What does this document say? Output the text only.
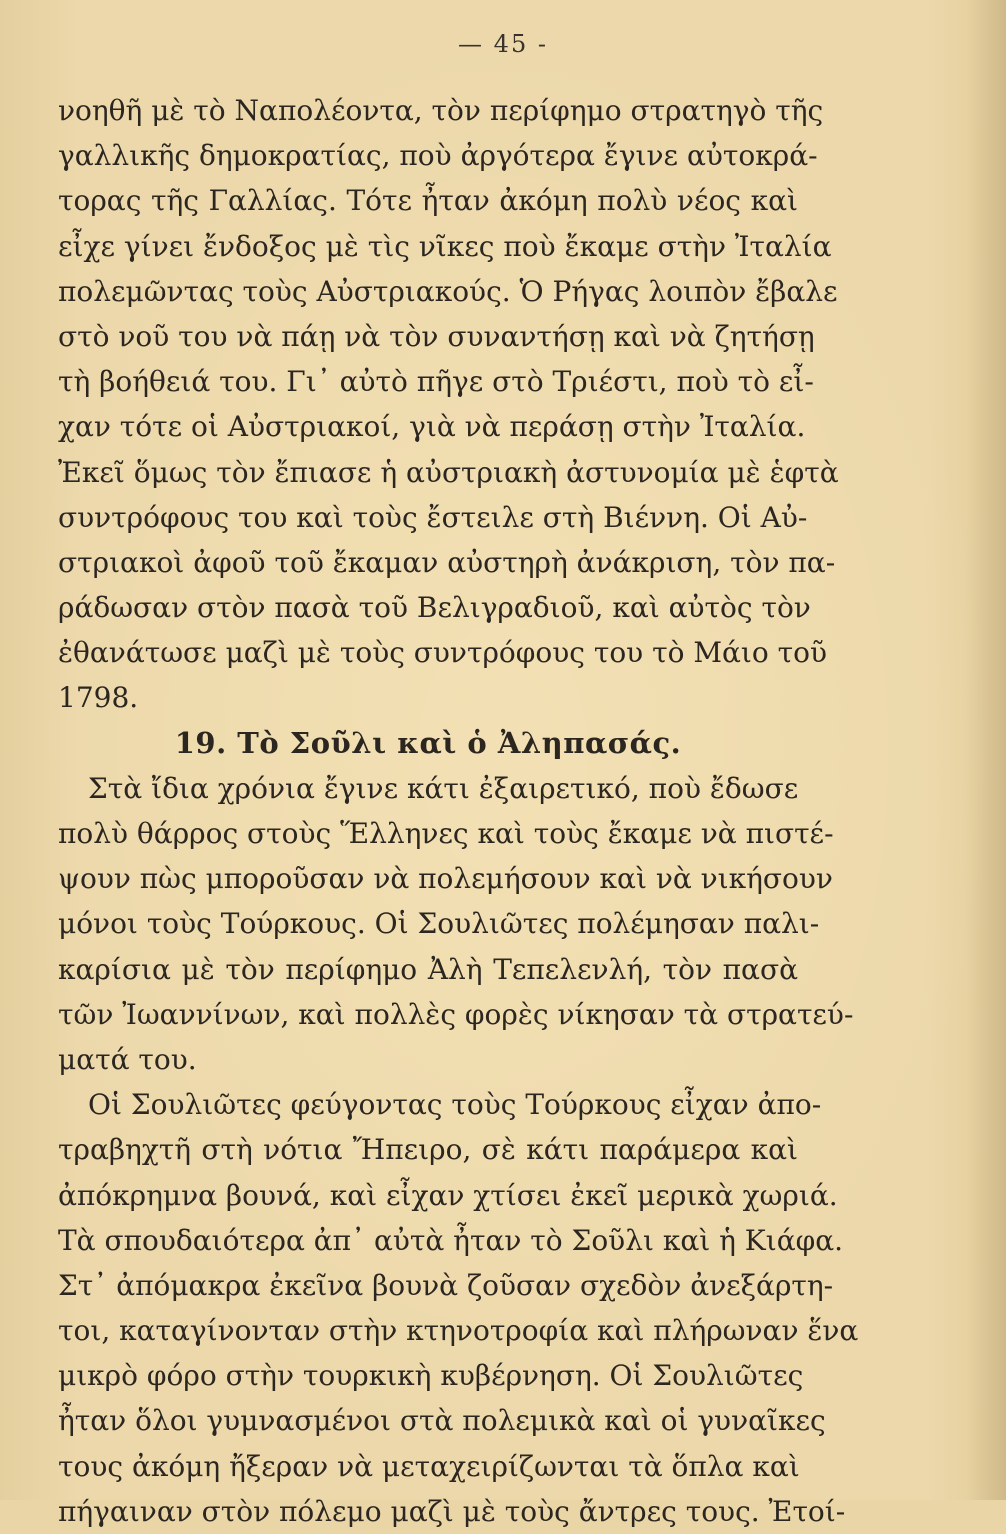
— 45 -
νοηθῆ μὲ τὸ Ναπολέοντα, τὸν περίφημο στρατηγὸ τῆς
γαλλικῆς δημοκρατίας, ποὺ ἀργότερα ἔγινε αὐτοκρά-
τορας τῆς Γαλλίας. Τότε ἦταν ἀκόμη πολὺ νέος καὶ
εἶχε γίνει ἔνδοξος μὲ τὶς νῖκες ποὺ ἔκαμε στὴν Ἰταλία
πολεμῶντας τοὺς Αὐστριακούς. Ὁ Ρήγας λοιπὸν ἔβαλε
στὸ νοῦ του νὰ πάῃ νὰ τὸν συναντήσῃ καὶ νὰ ζητήσῃ
τὴ βοήθειά του. Γι᾽ αὐτὸ πῆγε στὸ Τριέστι, ποὺ τὸ εἶ-
χαν τότε οἱ Αὐστριακοί, γιὰ νὰ περάσῃ στὴν Ἰταλία.
Ἐκεῖ ὅμως τὸν ἔπιασε ἡ αὐστριακὴ ἀστυνομία μὲ ἑφτὰ
συντρόφους του καὶ τοὺς ἔστειλε στὴ Βιέννη. Οἱ Αὐ-
στριακοὶ ἀφοῦ τοῦ ἔκαμαν αὐστηρὴ ἀνάκριση, τὸν πα-
ράδωσαν στὸν πασὰ τοῦ Βελιγραδιοῦ, καὶ αὐτὸς τὸν
ἐθανάτωσε μαζὶ μὲ τοὺς συντρόφους του τὸ Μάιο τοῦ
1798.
19. Τὸ Σοῦλι καὶ ὁ Ἀληπασάς.
Στὰ ἴδια χρόνια ἔγινε κάτι ἐξαιρετικό, ποὺ ἔδωσε
πολὺ θάρρος στοὺς Ἕλληνες καὶ τοὺς ἔκαμε νὰ πιστέ-
ψουν πὼς μποροῦσαν νὰ πολεμήσουν καὶ νὰ νικήσουν
μόνοι τοὺς Τούρκους. Οἱ Σουλιῶτες πολέμησαν παλι-
καρίσια μὲ τὸν περίφημο Ἀλὴ Τεπελενλή, τὸν πασὰ
τῶν Ἰωαννίνων, καὶ πολλὲς φορὲς νίκησαν τὰ στρατεύ-
ματά του.
Οἱ Σουλιῶτες φεύγοντας τοὺς Τούρκους εἶχαν ἀπο-
τραβηχτῆ στὴ νότια Ἤπειρο, σὲ κάτι παράμερα καὶ
ἀπόκρημνα βουνά, καὶ εἶχαν χτίσει ἐκεῖ μερικὰ χωριά.
Τὰ σπουδαιότερα ἀπ᾽ αὐτὰ ἦταν τὸ Σοῦλι καὶ ἡ Κιάφα.
Στ᾽ ἀπόμακρα ἐκεῖνα βουνὰ ζοῦσαν σχεδὸν ἀνεξάρτη-
τοι, καταγίνονταν στὴν κτηνοτροφία καὶ πλήρωναν ἕνα
μικρὸ φόρο στὴν τουρκικὴ κυβέρνηση. Οἱ Σουλιῶτες
ἦταν ὅλοι γυμνασμένοι στὰ πολεμικὰ καὶ οἱ γυναῖκες
τους ἀκόμη ἤξεραν νὰ μεταχειρίζωνται τὰ ὅπλα καὶ
πήγαιναν στὸν πόλεμο μαζὶ μὲ τοὺς ἄντρες τους. Ἐτοί-
